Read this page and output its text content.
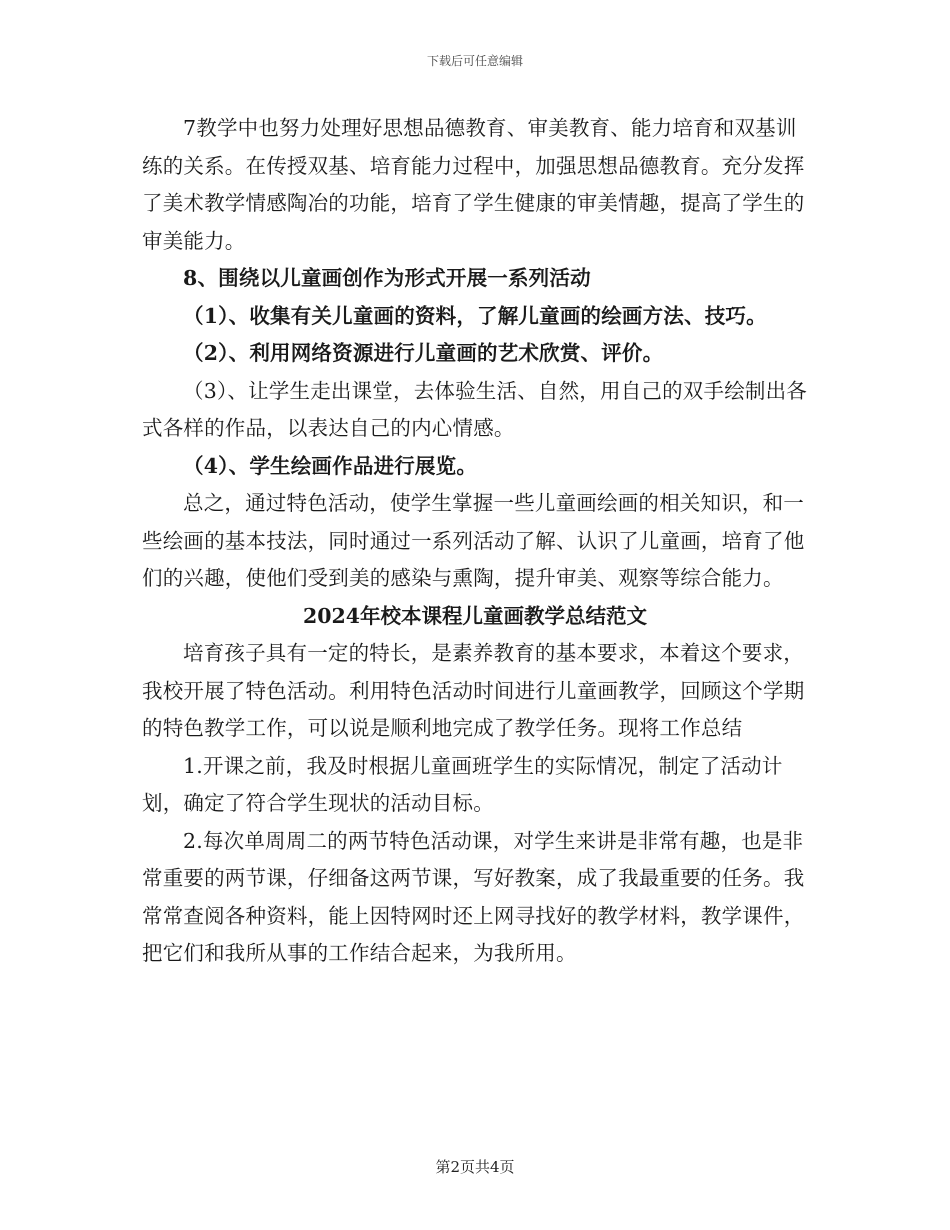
下载后可任意编辑

7教学中也努力处理好思想品德教育、审美教育、能力培育和双基训练的关系。在传授双基、培育能力过程中，加强思想品德教育。充分发挥了美术教学情感陶冶的功能，培育了学生健康的审美情趣，提高了学生的审美能力。

8、围绕以儿童画创作为形式开展一系列活动

（1）、收集有关儿童画的资料，了解儿童画的绘画方法、技巧。

（2）、利用网络资源进行儿童画的艺术欣赏、评价。

（3）、让学生走出课堂，去体验生活、自然，用自己的双手绘制出各式各样的作品，以表达自己的内心情感。

（4）、学生绘画作品进行展览。

总之，通过特色活动，使学生掌握一些儿童画绘画的相关知识，和一些绘画的基本技法，同时通过一系列活动了解、认识了儿童画，培育了他们的兴趣，使他们受到美的感染与熏陶，提升审美、观察等综合能力。

2024年校本课程儿童画教学总结范文

培育孩子具有一定的特长，是素养教育的基本要求，本着这个要求，我校开展了特色活动。利用特色活动时间进行儿童画教学，回顾这个学期的特色教学工作，可以说是顺利地完成了教学任务。现将工作总结

1.开课之前，我及时根据儿童画班学生的实际情况，制定了活动计划，确定了符合学生现状的活动目标。

2.每次单周周二的两节特色活动课，对学生来讲是非常有趣，也是非常重要的两节课，仔细备这两节课，写好教案，成了我最重要的任务。我常常查阅各种资料，能上因特网时还上网寻找好的教学材料，教学课件，把它们和我所从事的工作结合起来，为我所用。

第2页共4页
